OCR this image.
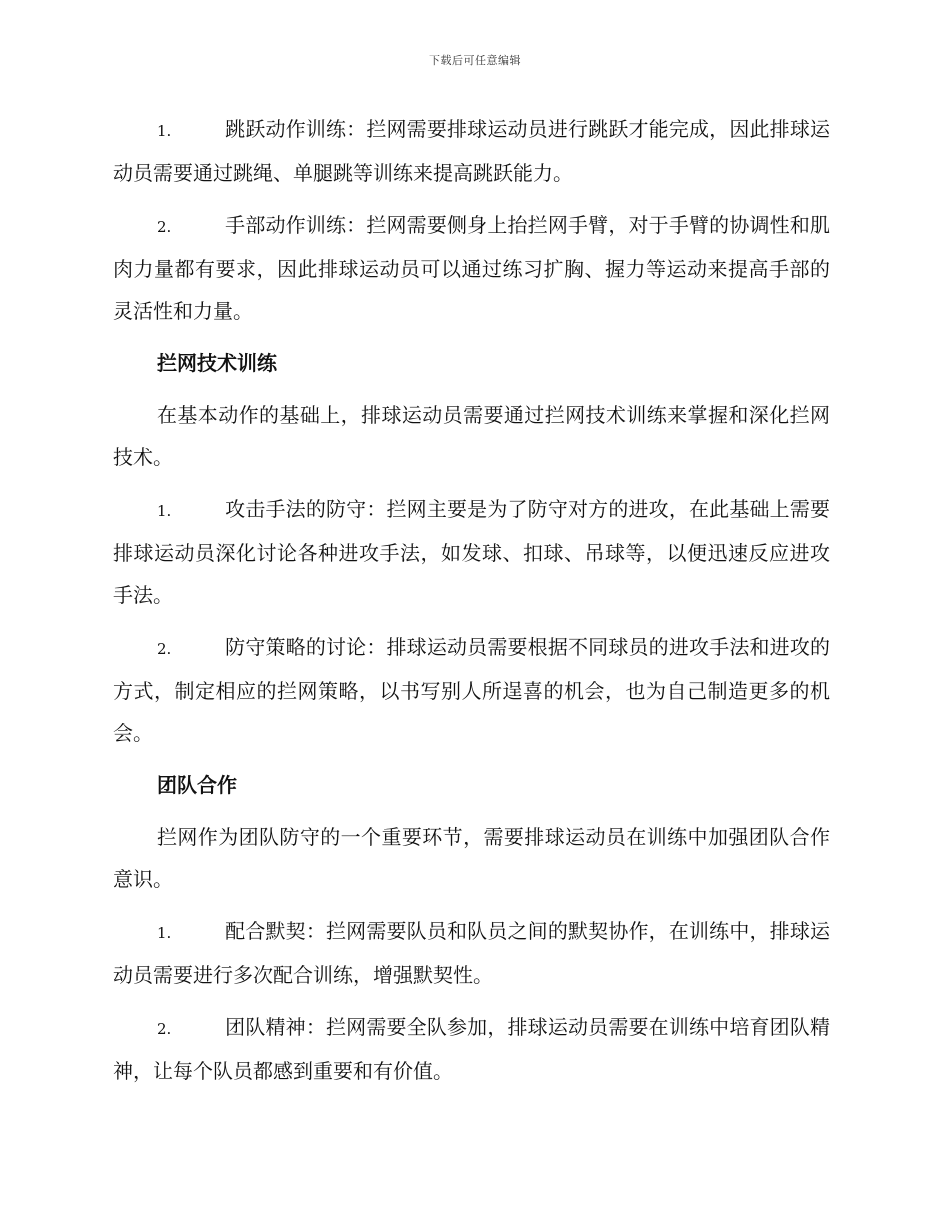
下载后可任意编辑

1.	跳跃动作训练：拦网需要排球运动员进行跳跃才能完成，因此排球运动员需要通过跳绳、单腿跳等训练来提高跳跃能力。

2.	手部动作训练：拦网需要侧身上抬拦网手臂，对于手臂的协调性和肌肉力量都有要求，因此排球运动员可以通过练习扩胸、握力等运动来提高手部的灵活性和力量。

拦网技术训练

在基本动作的基础上，排球运动员需要通过拦网技术训练来掌握和深化拦网技术。

1.	攻击手法的防守：拦网主要是为了防守对方的进攻，在此基础上需要排球运动员深化讨论各种进攻手法，如发球、扣球、吊球等，以便迅速反应进攻手法。

2.	防守策略的讨论：排球运动员需要根据不同球员的进攻手法和进攻的方式，制定相应的拦网策略，以书写别人所逞喜的机会，也为自己制造更多的机会。

团队合作

拦网作为团队防守的一个重要环节，需要排球运动员在训练中加强团队合作意识。

1.	配合默契：拦网需要队员和队员之间的默契协作，在训练中，排球运动员需要进行多次配合训练，增强默契性。

2.	团队精神：拦网需要全队参加，排球运动员需要在训练中培育团队精神，让每个队员都感到重要和有价值。
